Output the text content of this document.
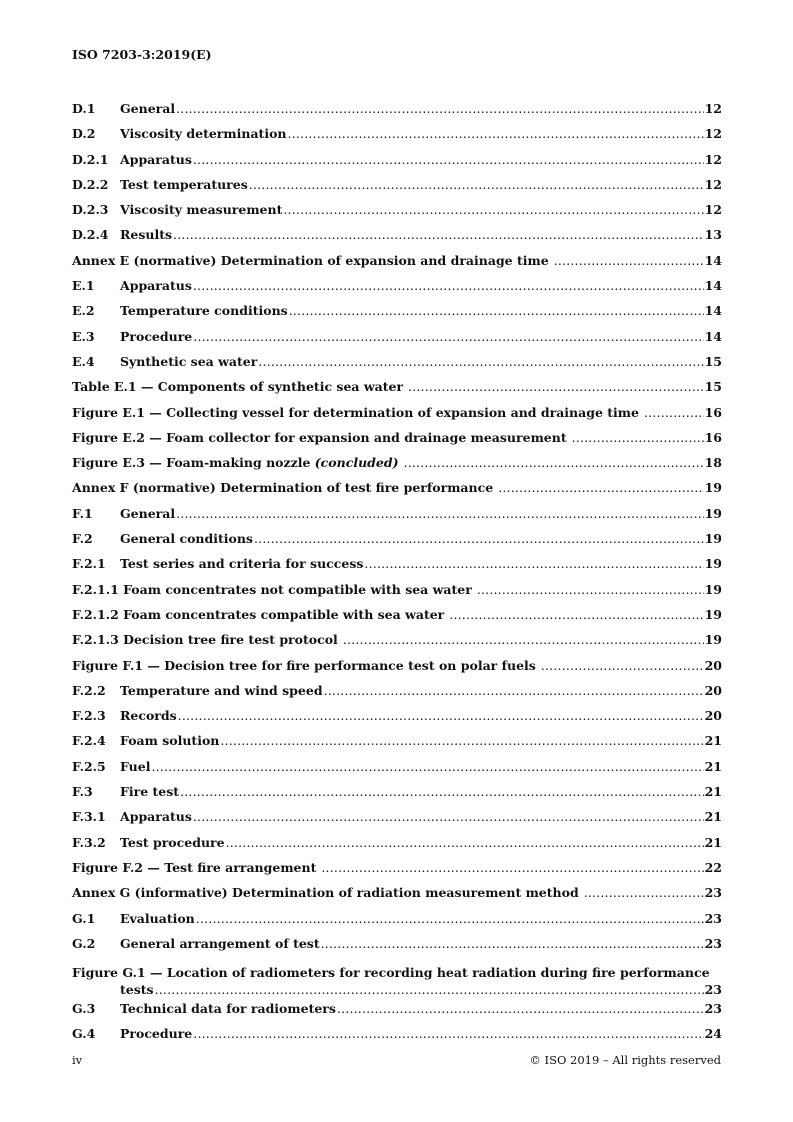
ISO 7203-3:2019(E)
D.1	General .....	12
D.2	Viscosity determination .....	12
D.2.1 Apparatus .....	12
D.2.2 Test temperatures .....	12
D.2.3 Viscosity measurement .....	12
D.2.4 Results .....	13
Annex E (normative) Determination of expansion and drainage time .....	14
E.1	Apparatus .....	14
E.2	Temperature conditions .....	14
E.3	Procedure .....	14
E.4	Synthetic sea water .....	15
Table E.1 — Components of synthetic sea water .....	15
Figure E.1 — Collecting vessel for determination of expansion and drainage time .....	16
Figure E.2 — Foam collector for expansion and drainage measurement .....	16
Figure E.3 — Foam-making nozzle (concluded) .....	18
Annex F (normative) Determination of test fire performance .....	19
F.1	General .....	19
F.2	General conditions .....	19
F.2.1	Test series and criteria for success .....	19
F.2.1.1 Foam concentrates not compatible with sea water .....	19
F.2.1.2 Foam concentrates compatible with sea water .....	19
F.2.1.3 Decision tree fire test protocol .....	19
Figure F.1 — Decision tree for fire performance test on polar fuels .....	20
F.2.2	Temperature and wind speed .....	20
F.2.3	Records .....	20
F.2.4	Foam solution .....	21
F.2.5	Fuel .....	21
F.3	Fire test .....	21
F.3.1	Apparatus .....	21
F.3.2	Test procedure .....	21
Figure F.2 — Test fire arrangement .....	22
Annex G (informative) Determination of radiation measurement method .....	23
G.1	Evaluation .....	23
G.2	General arrangement of test .....	23
Figure G.1 — Location of radiometers for recording heat radiation during fire performance
tests .....	23
G.3	Technical data for radiometers .....	23
G.4	Procedure .....	24
iv	© ISO 2019 – All rights reserved
